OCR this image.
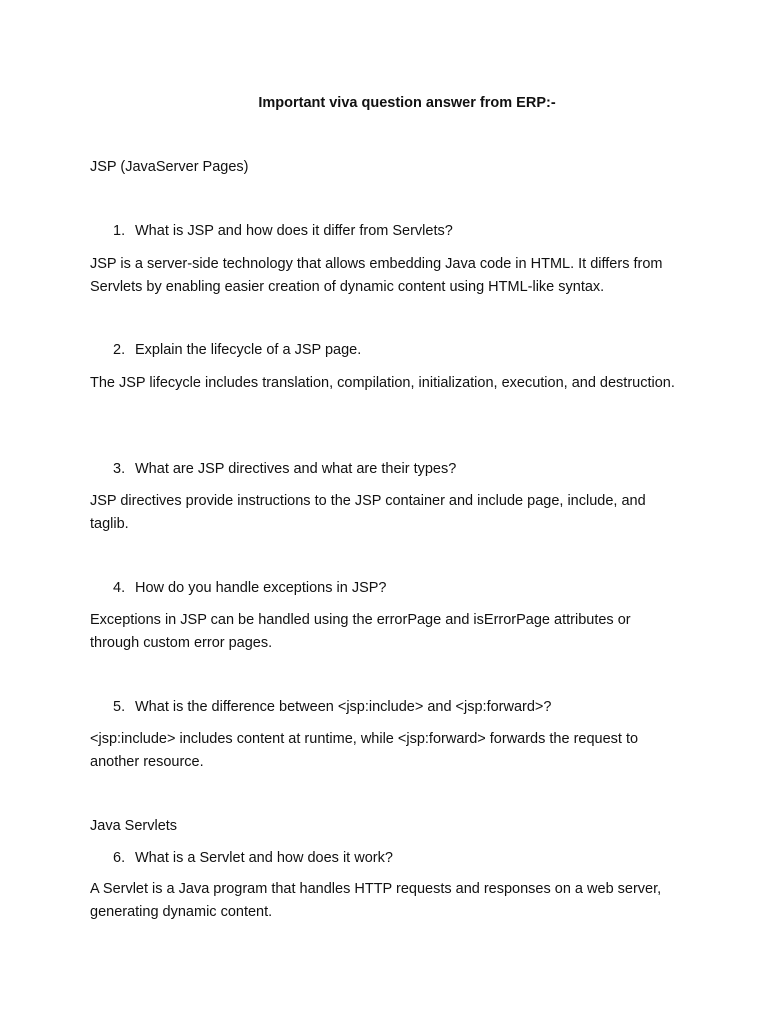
Important viva question answer from ERP:-
JSP (JavaServer Pages)
1. What is JSP and how does it differ from Servlets?
JSP is a server-side technology that allows embedding Java code in HTML. It differs from Servlets by enabling easier creation of dynamic content using HTML-like syntax.
2. Explain the lifecycle of a JSP page.
The JSP lifecycle includes translation, compilation, initialization, execution, and destruction.
3. What are JSP directives and what are their types?
JSP directives provide instructions to the JSP container and include page, include, and taglib.
4. How do you handle exceptions in JSP?
Exceptions in JSP can be handled using the errorPage and isErrorPage attributes or through custom error pages.
5. What is the difference between <jsp:include> and <jsp:forward>?
<jsp:include> includes content at runtime, while <jsp:forward> forwards the request to another resource.
Java Servlets
6. What is a Servlet and how does it work?
A Servlet is a Java program that handles HTTP requests and responses on a web server, generating dynamic content.
